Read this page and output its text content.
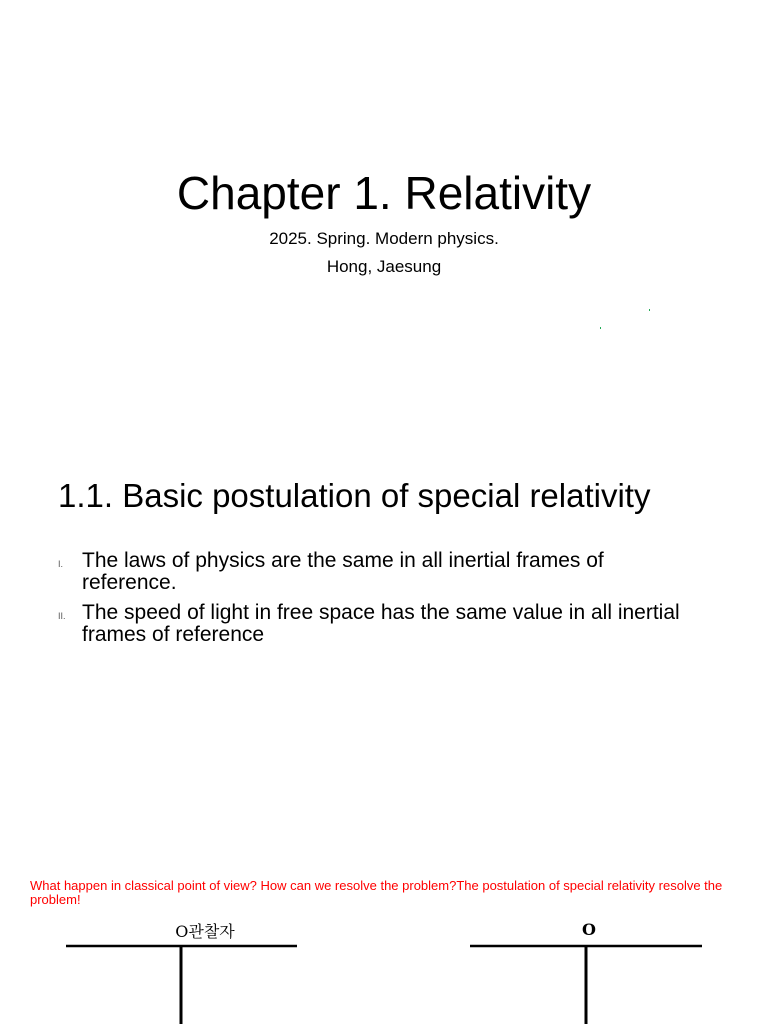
Chapter 1. Relativity
2025. Spring. Modern physics.
Hong, Jaesung
1.1. Basic postulation of special relativity
I. The laws of physics are the same in all inertial frames of reference.
II. The speed of light in free space has the same value in all inertial frames of reference
What happen in classical point of view? How can we resolve the problem?The postulation of special relativity resolve the problem!
O관찰자	O
